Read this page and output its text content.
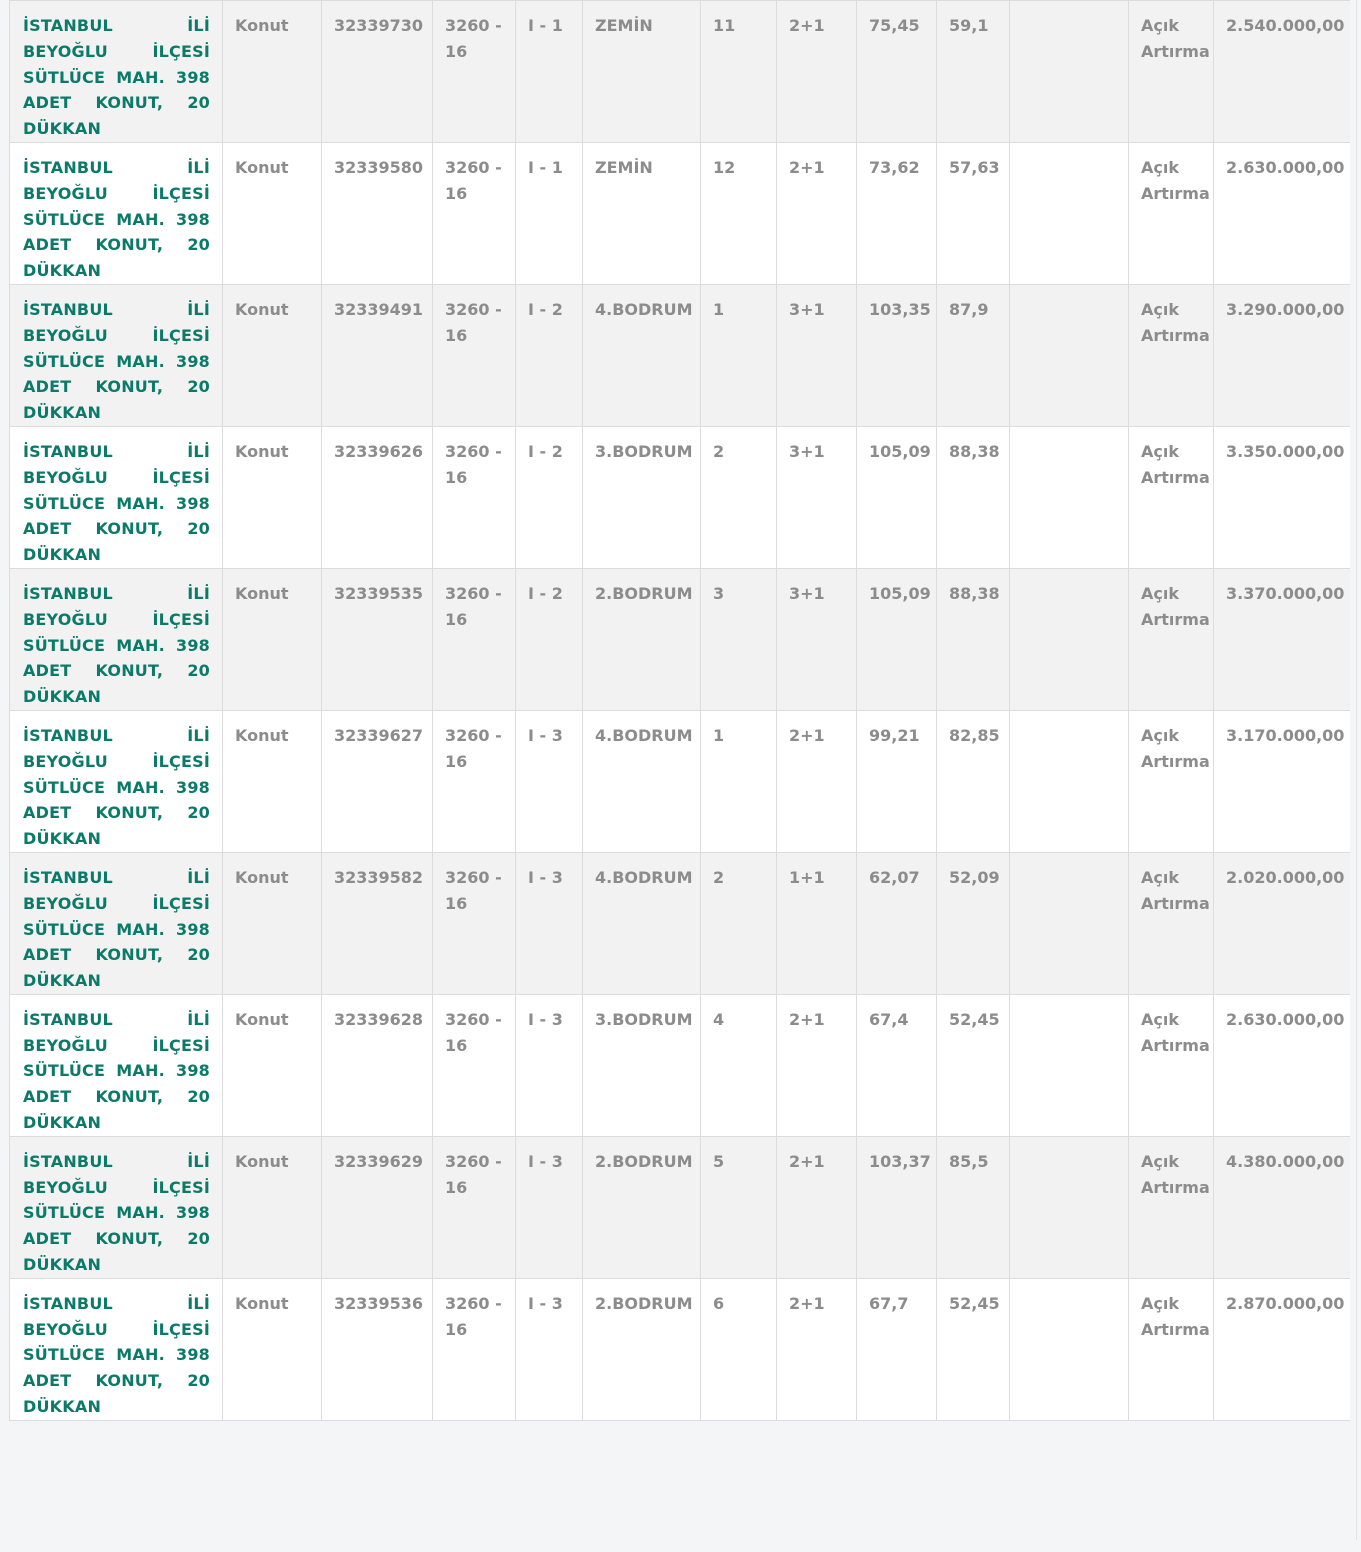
İSTANBUL İLİ BEYOĞLU İLÇESİ SÜTLÜCE MAH. 398 ADET KONUT, 20 DÜKKAN	Konut	32339730	3260 - 16	I - 1	ZEMİN	11	2+1	75,45	59,1		Açık Artırma	2.540.000,00
İSTANBUL İLİ BEYOĞLU İLÇESİ SÜTLÜCE MAH. 398 ADET KONUT, 20 DÜKKAN	Konut	32339580	3260 - 16	I - 1	ZEMİN	12	2+1	73,62	57,63		Açık Artırma	2.630.000,00
İSTANBUL İLİ BEYOĞLU İLÇESİ SÜTLÜCE MAH. 398 ADET KONUT, 20 DÜKKAN	Konut	32339491	3260 - 16	I - 2	4.BODRUM	1	3+1	103,35	87,9		Açık Artırma	3.290.000,00
İSTANBUL İLİ BEYOĞLU İLÇESİ SÜTLÜCE MAH. 398 ADET KONUT, 20 DÜKKAN	Konut	32339626	3260 - 16	I - 2	3.BODRUM	2	3+1	105,09	88,38		Açık Artırma	3.350.000,00
İSTANBUL İLİ BEYOĞLU İLÇESİ SÜTLÜCE MAH. 398 ADET KONUT, 20 DÜKKAN	Konut	32339535	3260 - 16	I - 2	2.BODRUM	3	3+1	105,09	88,38		Açık Artırma	3.370.000,00
İSTANBUL İLİ BEYOĞLU İLÇESİ SÜTLÜCE MAH. 398 ADET KONUT, 20 DÜKKAN	Konut	32339627	3260 - 16	I - 3	4.BODRUM	1	2+1	99,21	82,85		Açık Artırma	3.170.000,00
İSTANBUL İLİ BEYOĞLU İLÇESİ SÜTLÜCE MAH. 398 ADET KONUT, 20 DÜKKAN	Konut	32339582	3260 - 16	I - 3	4.BODRUM	2	1+1	62,07	52,09		Açık Artırma	2.020.000,00
İSTANBUL İLİ BEYOĞLU İLÇESİ SÜTLÜCE MAH. 398 ADET KONUT, 20 DÜKKAN	Konut	32339628	3260 - 16	I - 3	3.BODRUM	4	2+1	67,4	52,45		Açık Artırma	2.630.000,00
İSTANBUL İLİ BEYOĞLU İLÇESİ SÜTLÜCE MAH. 398 ADET KONUT, 20 DÜKKAN	Konut	32339629	3260 - 16	I - 3	2.BODRUM	5	2+1	103,37	85,5		Açık Artırma	4.380.000,00
İSTANBUL İLİ BEYOĞLU İLÇESİ SÜTLÜCE MAH. 398 ADET KONUT, 20 DÜKKAN	Konut	32339536	3260 - 16	I - 3	2.BODRUM	6	2+1	67,7	52,45		Açık Artırma	2.870.000,00
